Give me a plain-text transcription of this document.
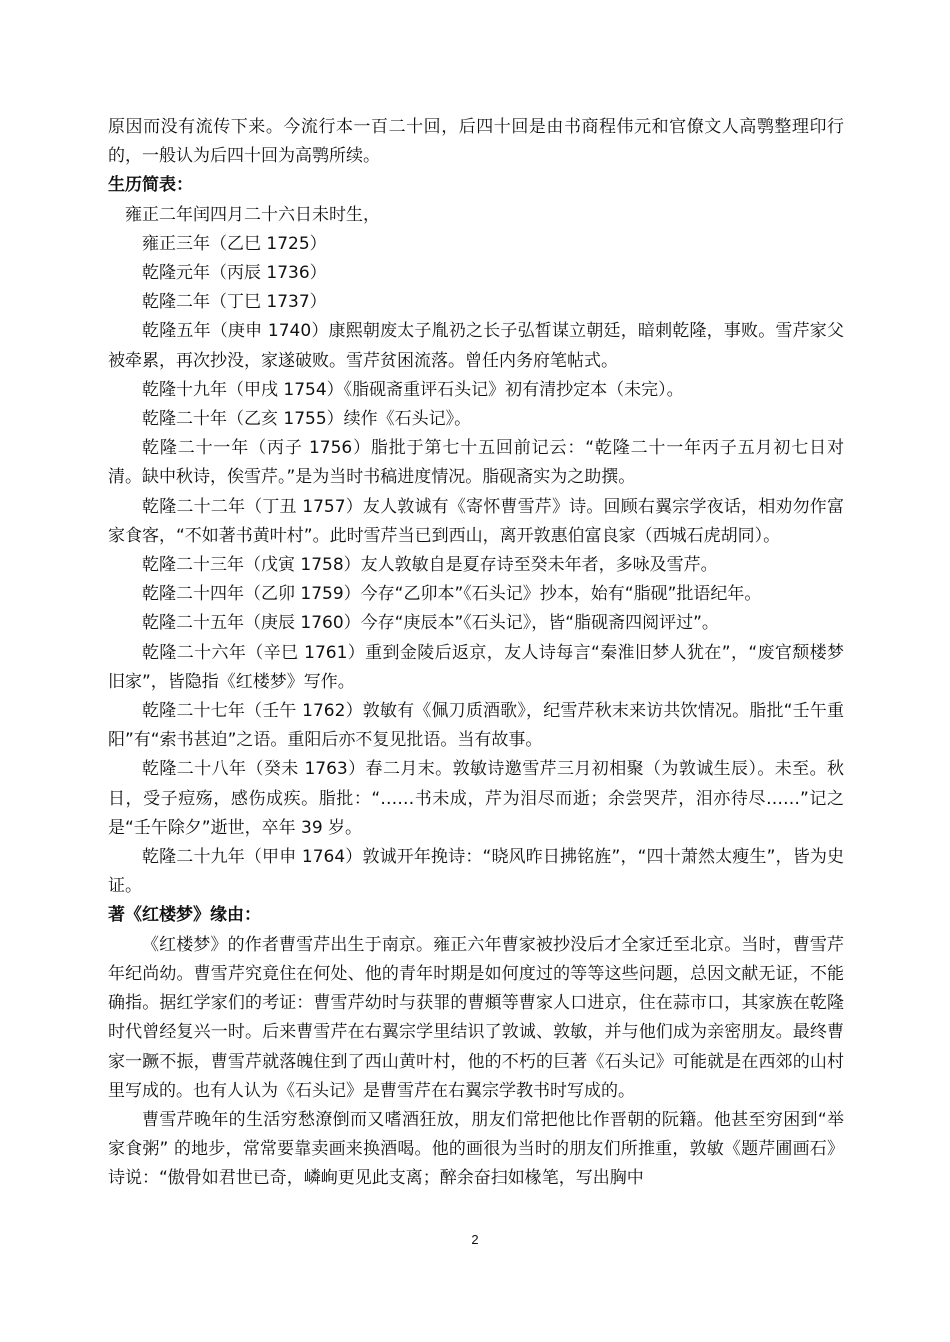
原因而没有流传下来。今流行本一百二十回，后四十回是由书商程伟元和官僚文人高鹗整理印行的，一般认为后四十回为高鹗所续。

生历简表：

雍正二年闰四月二十六日未时生，

雍正三年（乙巳 1725）

乾隆元年（丙辰 1736）

乾隆二年（丁巳 1737）

乾隆五年（庚申 1740）康熙朝废太子胤礽之长子弘皙谋立朝廷，暗刺乾隆，事败。雪芹家父被牵累，再次抄没，家遂破败。雪芹贫困流落。曾任内务府笔帖式。

乾隆十九年（甲戌 1754）《脂砚斋重评石头记》初有清抄定本（未完）。

乾隆二十年（乙亥 1755）续作《石头记》。

乾隆二十一年（丙子 1756）脂批于第七十五回前记云：“乾隆二十一年丙子五月初七日对清。缺中秋诗，俟雪芹。”是为当时书稿进度情况。脂砚斋实为之助撰。

乾隆二十二年（丁丑 1757）友人敦诚有《寄怀曹雪芹》诗。回顾右翼宗学夜话，相劝勿作富家食客，“不如著书黄叶村”。此时雪芹当已到西山，离开敦惠伯富良家（西城石虎胡同）。

乾隆二十三年（戊寅 1758）友人敦敏自是夏存诗至癸未年者，多咏及雪芹。

乾隆二十四年（乙卯 1759）今存“乙卯本”《石头记》抄本，始有“脂砚”批语纪年。

乾隆二十五年（庚辰 1760）今存“庚辰本”《石头记》，皆“脂砚斋四阅评过”。

乾隆二十六年（辛巳 1761）重到金陵后返京，友人诗每言“秦淮旧梦人犹在”，“废官颓楼梦旧家”，皆隐指《红楼梦》写作。

乾隆二十七年（壬午 1762）敦敏有《佩刀质酒歌》，纪雪芹秋末来访共饮情况。脂批“壬午重阳”有“索书甚迫”之语。重阳后亦不复见批语。当有故事。

乾隆二十八年（癸未 1763）春二月末。敦敏诗邀雪芹三月初相聚（为敦诚生辰）。未至。秋日，受子痘殇，感伤成疾。脂批：“……书未成，芹为泪尽而逝；余尝哭芹，泪亦待尽……”记之是“壬午除夕”逝世，卒年 39 岁。

乾隆二十九年（甲申 1764）敦诚开年挽诗：“晓风昨日拂铭旌”，“四十萧然太瘦生”，皆为史证。

著《红楼梦》缘由：

《红楼梦》的作者曹雪芹出生于南京。雍正六年曹家被抄没后才全家迁至北京。当时，曹雪芹年纪尚幼。曹雪芹究竟住在何处、他的青年时期是如何度过的等等这些问题，总因文献无证，不能确指。据红学家们的考证：曹雪芹幼时与获罪的曹頫等曹家人口进京，住在蒜市口，其家族在乾隆时代曾经复兴一时。后来曹雪芹在右翼宗学里结识了敦诚、敦敏，并与他们成为亲密朋友。最终曹家一蹶不振，曹雪芹就落魄住到了西山黄叶村，他的不朽的巨著《石头记》可能就是在西郊的山村里写成的。也有人认为《石头记》是曹雪芹在右翼宗学教书时写成的。

曹雪芹晚年的生活穷愁潦倒而又嗜酒狂放，朋友们常把他比作晋朝的阮籍。他甚至穷困到“举家食粥” 的地步，常常要靠卖画来换酒喝。他的画很为当时的朋友们所推重，敦敏《题芹圃画石》诗说：“傲骨如君世已奇，嶙峋更见此支离；醉余奋扫如椽笔，写出胸中

2
